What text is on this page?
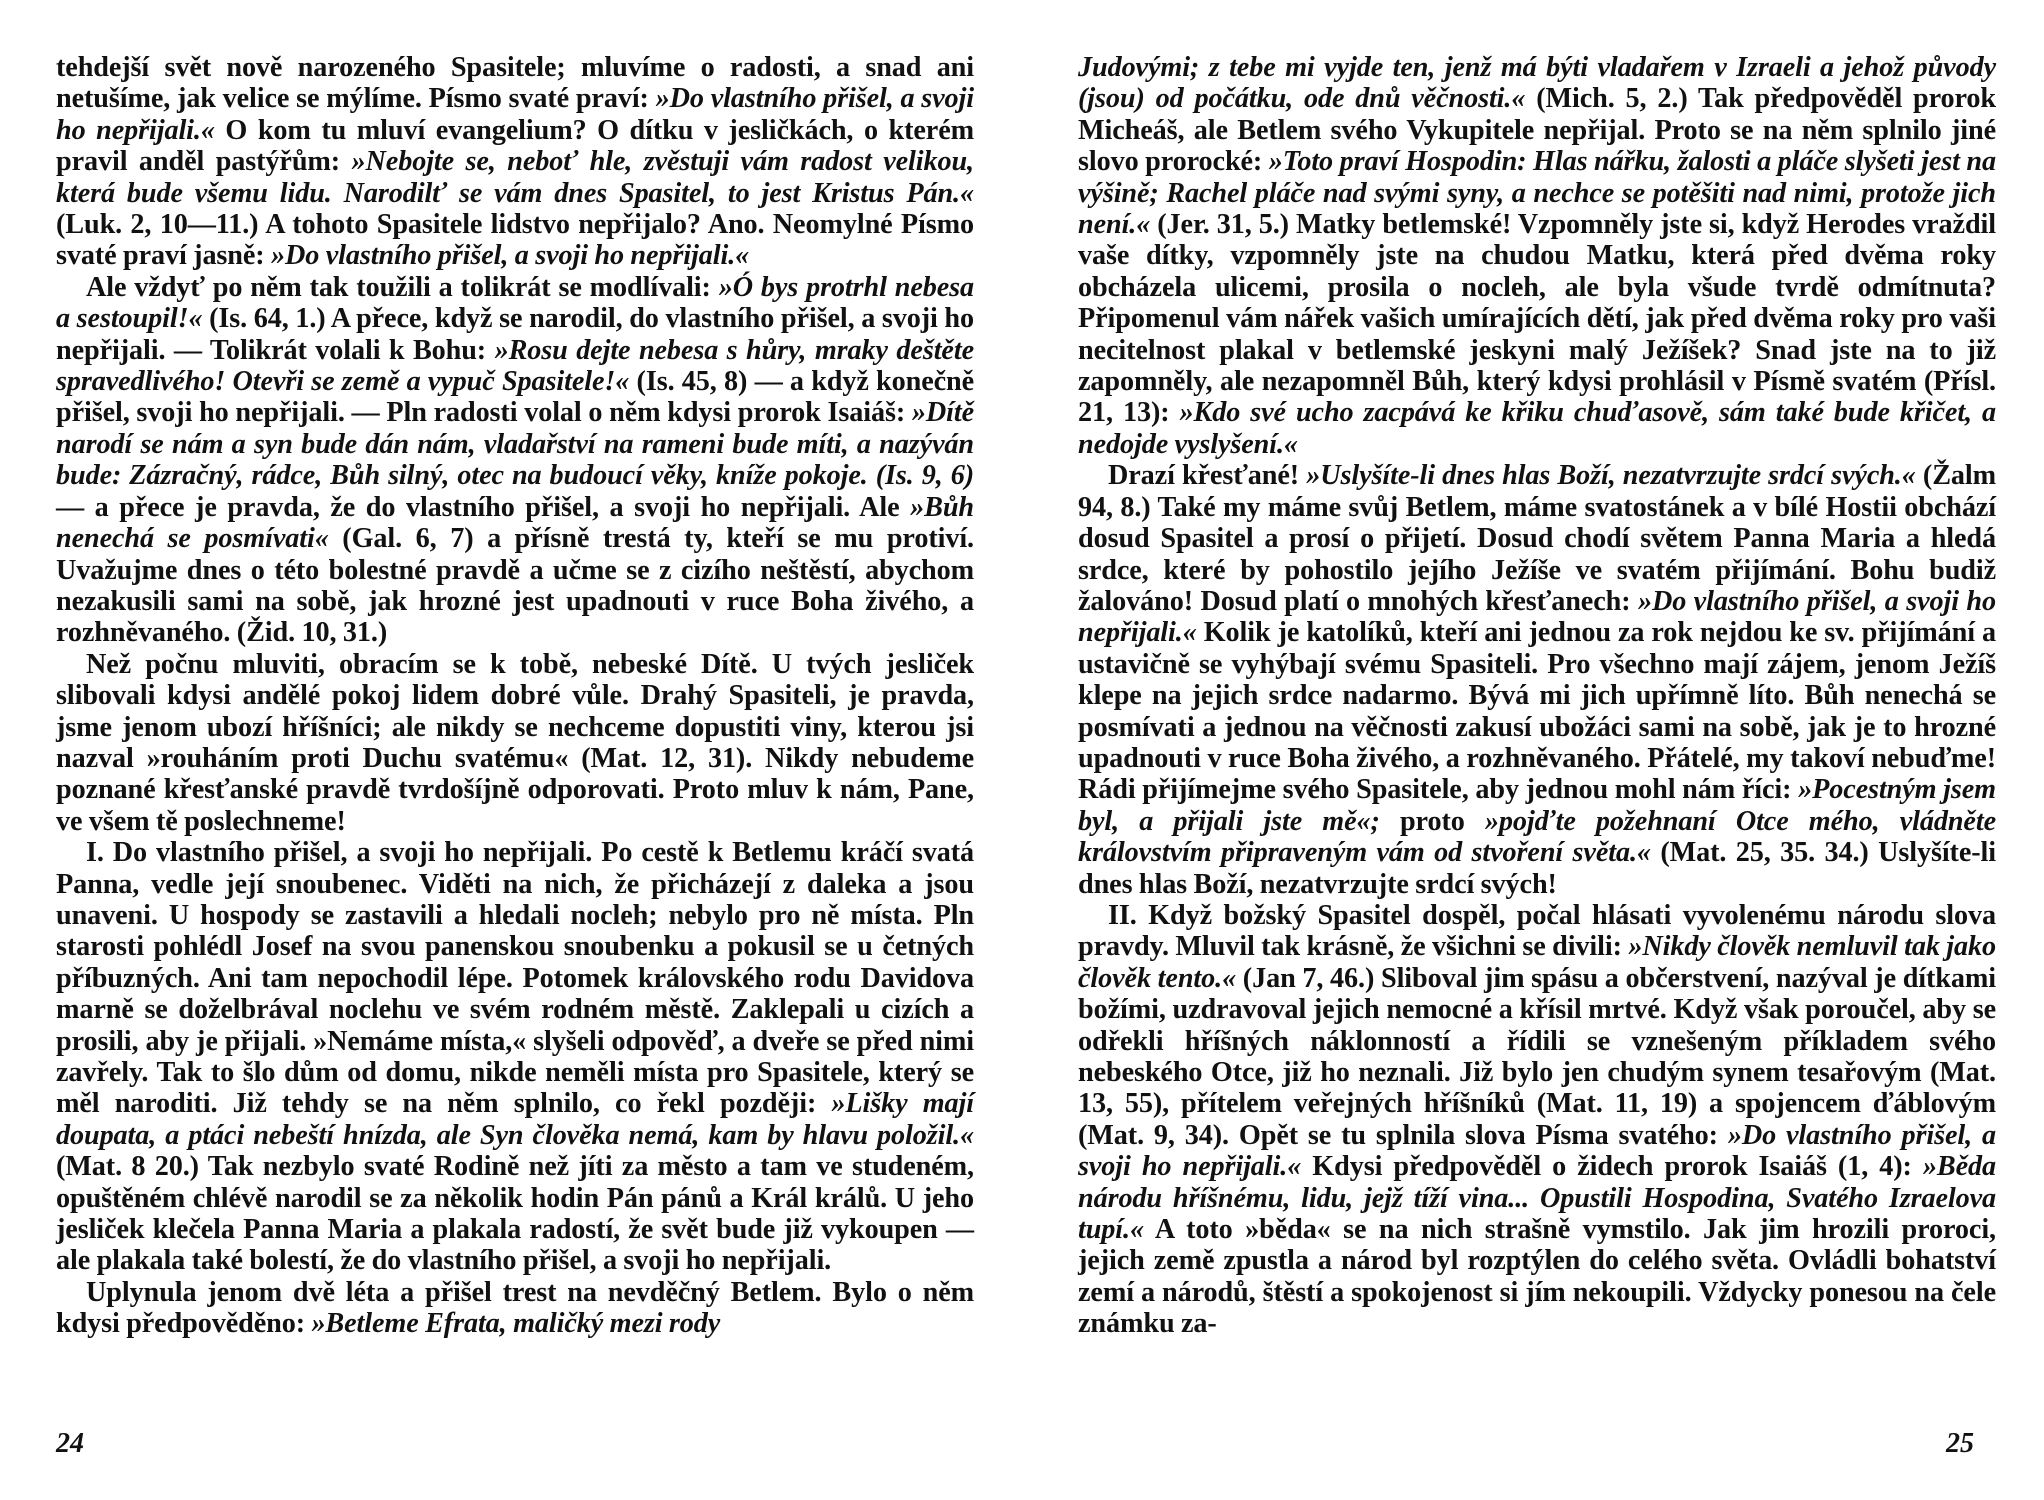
tehdejší svět nově narozeného Spasitele; mluvíme o radosti, a snad ani netušíme, jak velice se mýlíme. Písmo svaté praví: »Do vlastního přišel, a svoji ho nepřijali.« O kom tu mluví evangelium? O dítku v jesličkách, o kterém pravil anděl pastýřům: »Nebojte se, neboť hle, zvěstuji vám radost velikou, která bude všemu lidu. Narodilť se vám dnes Spasitel, to jest Kristus Pán.« (Luk. 2, 10—11.) A tohoto Spasitele lidstvo nepřijalo? Ano. Neomylné Písmo svaté praví jasně: »Do vlastního přišel, a svoji ho nepřijali.«

Ale vždyť po něm tak toužili a tolikrát se modlívali: »Ó bys protrhl nebesa a sestoupil!« (Is. 64, 1.) A přece, když se narodil, do vlastního přišel, a svoji ho nepřijali. — Tolikrát volali k Bohu: »Rosu dejte nebesa s hůry, mraky deštěte spravedlivého! Otevři se země a vypuč Spasitele!« (Is. 45, 8) — a když konečně přišel, svoji ho nepřijali. — Pln radosti volal o něm kdysi prorok Isaiáš: »Dítě narodí se nám a syn bude dán nám, vladařství na rameni bude míti, a nazýván bude: Zázračný, rádce, Bůh silný, otec na budoucí věky, kníže pokoje. (Is. 9, 6) — a přece je pravda, že do vlastního přišel, a svoji ho nepřijali. Ale »Bůh nenechá se posmívati« (Gal. 6, 7) a přísně trestá ty, kteří se mu protiví. Uvažujme dnes o této bolestné pravdě a učme se z cizího neštěstí, abychom nezakusili sami na sobě, jak hrozné jest upadnouti v ruce Boha živého, a rozhněvaného. (Žid. 10, 31.)

Než počnu mluviti, obracím se k tobě, nebeské Dítě. U tvých jesliček slibovali kdysi andělé pokoj lidem dobré vůle. Drahý Spasiteli, je pravda, jsme jenom ubozí hříšníci; ale nikdy se nechceme dopustiti viny, kterou jsi nazval »rouháním proti Duchu svatému« (Mat. 12, 31). Nikdy nebudeme poznané křesťanské pravdě tvrdošíjně odporovati. Proto mluv k nám, Pane, ve všem tě poslechneme!

I. Do vlastního přišel, a svoji ho nepřijali. Po cestě k Betlemu kráčí svatá Panna, vedle její snoubenec. Viděti na nich, že přicházejí z daleka a jsou unaveni. U hospody se zastavili a hledali nocleh; nebylo pro ně místa. Pln starosti pohlédl Josef na svou panenskou snoubenku a pokusil se u četných příbuzných. Ani tam nepochodil lépe. Potomek královského rodu Davidova marně se doželbrával noclehu ve svém rodném městě. Zaklepali u cizích a prosili, aby je přijali. »Nemáme místa,« slyšeli odpověď, a dveře se před nimi zavřely. Tak to šlo dům od domu, nikde neměli místa pro Spasitele, který se měl naroditi. Již tehdy se na něm splnilo, co řekl později: »Lišky mají doupata, a ptáci nebeští hnízda, ale Syn člověka nemá, kam by hlavu položil.« (Mat. 8 20.) Tak nezbylo svaté Rodině než jíti za město a tam ve studeném, opuštěném chlévě narodil se za několik hodin Pán pánů a Král králů. U jeho jesliček klečela Panna Maria a plakala radostí, že svět bude již vykoupen — ale plakala také bolestí, že do vlastního přišel, a svoji ho nepřijali.

Uplynula jenom dvě léta a přišel trest na nevděčný Betlem. Bylo o něm kdysi předpověděno: »Betleme Efrata, maličký mezi rody

Judovými; z tebe mi vyjde ten, jenž má býti vladařem v Izraeli a jehož původy (jsou) od počátku, ode dnů věčnosti.« (Mich. 5, 2.) Tak předpověděl prorok Micheáš, ale Betlem svého Vykupitele nepřijal. Proto se na něm splnilo jiné slovo prorocké: »Toto praví Hospodin: Hlas nářku, žalosti a pláče slyšeti jest na výšině; Rachel pláče nad svými syny, a nechce se potěšiti nad nimi, protože jich není.« (Jer. 31, 5.) Matky betlemské! Vzpomněly jste si, když Herodes vraždil vaše dítky, vzpomněly jste na chudou Matku, která před dvěma roky obcházela ulicemi, prosila o nocleh, ale byla všude tvrdě odmítnuta? Připomenul vám nářek vašich umírajících dětí, jak před dvěma roky pro vaši necitelnost plakal v betlemské jeskyni malý Ježíšek? Snad jste na to již zapomněly, ale nezapomněl Bůh, který kdysi prohlásil v Písmě svatém (Přísl. 21, 13): »Kdo své ucho zacpává ke křiku chuďasově, sám také bude křičet, a nedojde vyslyšení.«

Drazí křesťané! »Uslyšíte-li dnes hlas Boží, nezatvrzujte srdcí svých.« (Žalm 94, 8.) Také my máme svůj Betlem, máme svatostánek a v bílé Hostii obchází dosud Spasitel a prosí o přijetí. Dosud chodí světem Panna Maria a hledá srdce, které by pohostilo jejího Ježíše ve svatém přijímání. Bohu budiž žalováno! Dosud platí o mnohých křesťanech: »Do vlastního přišel, a svoji ho nepřijali.« Kolik je katolíků, kteří ani jednou za rok nejdou ke sv. přijímání a ustavičně se vyhýbají svému Spasiteli. Pro všechno mají zájem, jenom Ježíš klepe na jejich srdce nadarmo. Bývá mi jich upřímně líto. Bůh nenechá se posmívati a jednou na věčnosti zakusí ubožáci sami na sobě, jak je to hrozné upadnouti v ruce Boha živého, a rozhněvaného. Přátelé, my takoví nebuďme! Rádi přijímejme svého Spasitele, aby jednou mohl nám říci: »Pocestným jsem byl, a přijali jste mě«; proto »pojďte požehnaní Otce mého, vládněte královstvím připraveným vám od stvoření světa.« (Mat. 25, 35. 34.) Uslyšíte-li dnes hlas Boží, nezatvrzujte srdcí svých!

II. Když božský Spasitel dospěl, počal hlásati vyvolenému národu slova pravdy. Mluvil tak krásně, že všichni se divili: »Nikdy člověk nemluvil tak jako člověk tento.« (Jan 7, 46.) Sliboval jim spásu a občerstvení, nazýval je dítkami božími, uzdravoval jejich nemocné a křísil mrtvé. Když však poroučel, aby se odřekli hříšných náklonností a řídili se vznešeným příkladem svého nebeského Otce, již ho neznali. Již bylo jen chudým synem tesařovým (Mat. 13, 55), přítelem veřejných hříšníků (Mat. 11, 19) a spojencem ďáblovým (Mat. 9, 34). Opět se tu splnila slova Písma svatého: »Do vlastního přišel, a svoji ho nepřijali.« Kdysi předpověděl o židech prorok Isaiáš (1, 4): »Běda národu hříšnému, lidu, jejž tíží vina... Opustili Hospodina, Svatého Izraelova tupí.« A toto »běda« se na nich strašně vymstilo. Jak jim hrozili proroci, jejich země zpustla a národ byl rozptýlen do celého světa. Ovládli bohatství zemí a národů, štěstí a spokojenost si jím nekoupili. Vždycky ponesou na čele známku za-

24	25
